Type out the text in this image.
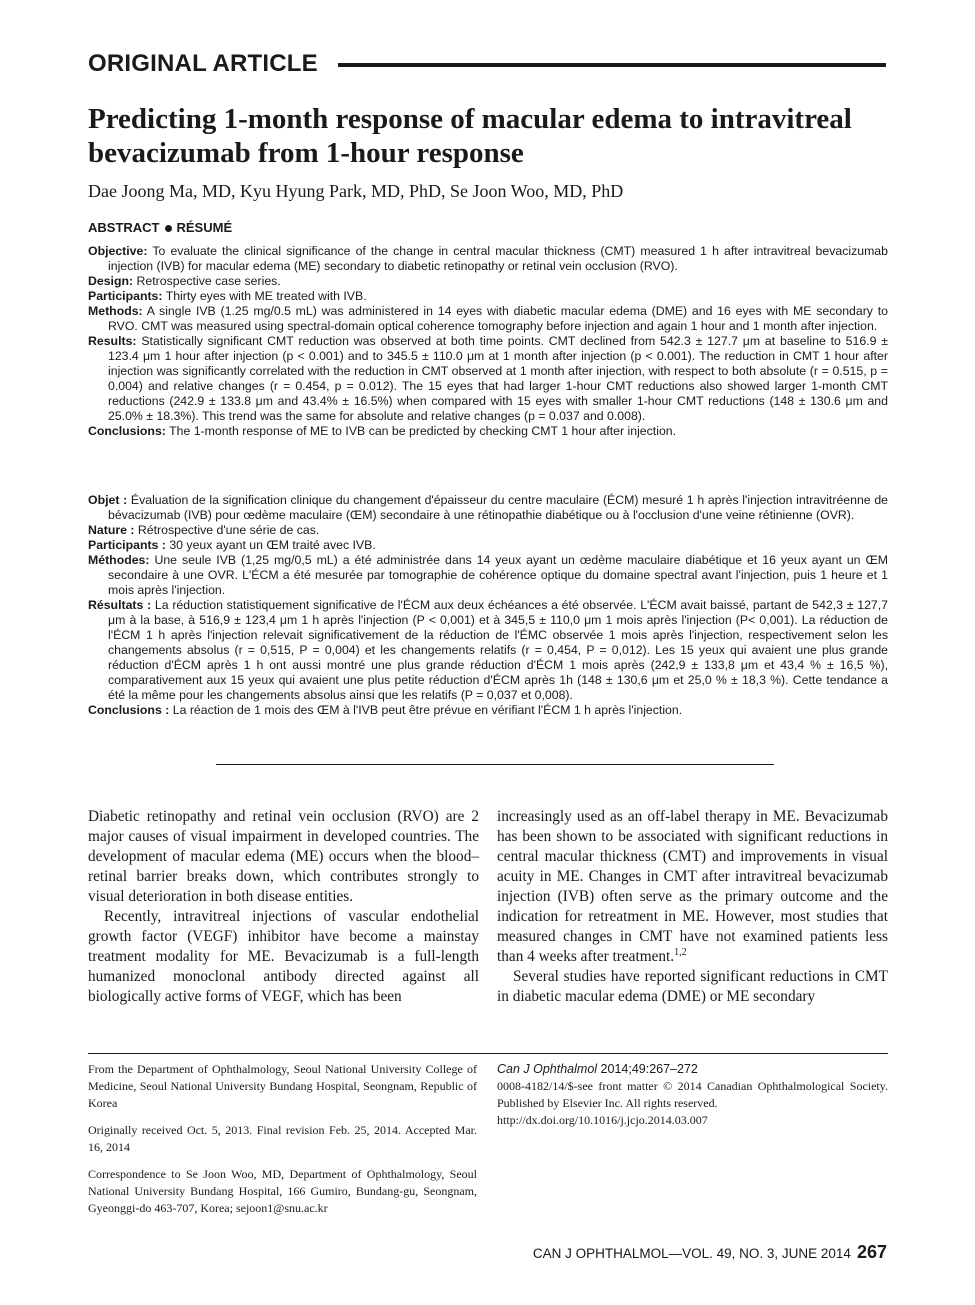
ORIGINAL ARTICLE
Predicting 1-month response of macular edema to intravitreal bevacizumab from 1-hour response
Dae Joong Ma, MD, Kyu Hyung Park, MD, PhD, Se Joon Woo, MD, PhD
ABSTRACT RÉSUMÉ

Objective: To evaluate the clinical significance of the change in central macular thickness (CMT) measured 1 h after intravitreal bevacizumab injection (IVB) for macular edema (ME) secondary to diabetic retinopathy or retinal vein occlusion (RVO).

Design: Retrospective case series.

Participants: Thirty eyes with ME treated with IVB.

Methods: A single IVB (1.25 mg/0.5 mL) was administered in 14 eyes with diabetic macular edema (DME) and 16 eyes with ME secondary to RVO. CMT was measured using spectral-domain optical coherence tomography before injection and again 1 hour and 1 month after injection.

Results: Statistically significant CMT reduction was observed at both time points. CMT declined from 542.3 ± 127.7 μm at baseline to 516.9 ± 123.4 μm 1 hour after injection (p < 0.001) and to 345.5 ± 110.0 μm at 1 month after injection (p < 0.001). The reduction in CMT 1 hour after injection was significantly correlated with the reduction in CMT observed at 1 month after injection, with respect to both absolute (r = 0.515, p = 0.004) and relative changes (r = 0.454, p = 0.012). The 15 eyes that had larger 1-hour CMT reductions also showed larger 1-month CMT reductions (242.9 ± 133.8 μm and 43.4% ± 16.5%) when compared with 15 eyes with smaller 1-hour CMT reductions (148 ± 130.6 μm and 25.0% ± 18.3%). This trend was the same for absolute and relative changes (p = 0.037 and 0.008).

Conclusions: The 1-month response of ME to IVB can be predicted by checking CMT 1 hour after injection.

Objet : Évaluation de la signification clinique du changement d'épaisseur du centre maculaire (ÉCM) mesuré 1 h après l'injection intravitréenne de bévacizumab (IVB) pour œdème maculaire (ŒM) secondaire à une rétinopathie diabétique ou à l'occlusion d'une veine rétinienne (OVR).

Nature : Rétrospective d'une série de cas.

Participants : 30 yeux ayant un ŒM traité avec IVB.

Méthodes: Une seule IVB (1,25 mg/0,5 mL) a été administrée dans 14 yeux ayant un œdème maculaire diabétique et 16 yeux ayant un ŒM secondaire à une OVR. L'ÉCM a été mesurée par tomographie de cohérence optique du domaine spectral avant l'injection, puis 1 heure et 1 mois après l'injection.

Résultats : La réduction statistiquement significative de l'ÉCM aux deux échéances a été observée. L'ÉCM avait baissé, partant de 542,3 ± 127,7 μm à la base, à 516,9 ± 123,4 μm 1 h après l'injection (P < 0,001) et à 345,5 ± 110,0 μm 1 mois après l'injection (P< 0,001). La réduction de l'ÉCM 1 h après l'injection relevait significativement de la réduction de l'ÉMC observée 1 mois après l'injection, respectivement selon les changements absolus (r = 0,515, P = 0,004) et les changements relatifs (r = 0,454, P = 0,012). Les 15 yeux qui avaient une plus grande réduction d'ÉCM après 1 h ont aussi montré une plus grande réduction d'ÉCM 1 mois après (242,9 ± 133,8 μm et 43,4 % ± 16,5 %), comparativement aux 15 yeux qui avaient une plus petite réduction d'ÉCM après 1h (148 ± 130,6 μm et 25,0 % ± 18,3 %). Cette tendance a été la même pour les changements absolus ainsi que les relatifs (P = 0,037 et 0,008).

Conclusions : La réaction de 1 mois des ŒM à l'IVB peut être prévue en vérifiant l'ÉCM 1 h après l'injection.

Diabetic retinopathy and retinal vein occlusion (RVO) are 2 major causes of visual impairment in developed countries. The development of macular edema (ME) occurs when the blood–retinal barrier breaks down, which contributes strongly to visual deterioration in both disease entities.

Recently, intravitreal injections of vascular endothelial growth factor (VEGF) inhibitor have become a mainstay treatment modality for ME. Bevacizumab is a full-length humanized monoclonal antibody directed against all biologically active forms of VEGF, which has been

increasingly used as an off-label therapy in ME. Bevacizumab has been shown to be associated with significant reductions in central macular thickness (CMT) and improvements in visual acuity in ME. Changes in CMT after intravitreal bevacizumab injection (IVB) often serve as the primary outcome and the indication for retreatment in ME. However, most studies that measured changes in CMT have not examined patients less than 4 weeks after treatment.$^{1,2}$

Several studies have reported significant reductions in CMT in diabetic macular edema (DME) or ME secondary

From the Department of Ophthalmology, Seoul National University College of Medicine, Seoul National University Bundang Hospital, Seongnam, Republic of Korea

Originally received Oct. 5, 2013. Final revision Feb. 25, 2014. Accepted Mar. 16, 2014

Correspondence to Se Joon Woo, MD, Department of Ophthalmology, Seoul National University Bundang Hospital, 166 Gumiro, Bundang-gu, Seongnam, Gyeonggi-do 463-707, Korea; sejoon1@snu.ac.kr

Can J Ophthalmol 2014;49:267–272
0008-4182/14/$-see front matter © 2014 Canadian Ophthalmological Society. Published by Elsevier Inc. All rights reserved.
http://dx.doi.org/10.1016/j.jcjo.2014.03.007
CAN J OPHTHALMOL—VOL. 49, NO. 3, JUNE 2014 267
